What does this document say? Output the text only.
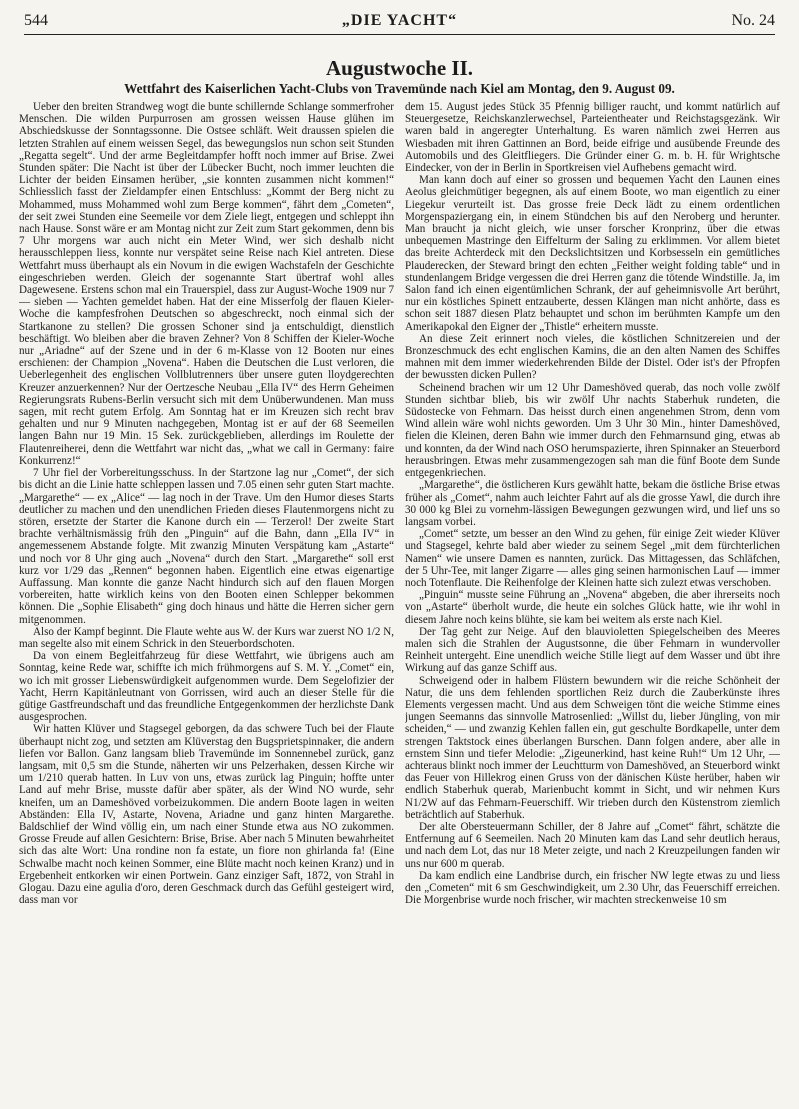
544	„DIE YACHT“	No. 24
Augustwoche II.
Wettfahrt des Kaiserlichen Yacht-Clubs von Travemünde nach Kiel am Montag, den 9. August 09.

Ueber den breiten Strandweg wogt die bunte schillernde Schlange sommerfroher Menschen. Die wilden Purpurrosen am grossen weissen Hause glühen im Abschiedskusse der Sonntagssonne. Die Ostsee schläft. Weit draussen spielen die letzten Strahlen auf einem weissen Segel, das bewegungslos nun schon seit Stunden „Regatta segelt“. Und der arme Begleitdampfer hofft noch immer auf Brise. Zwei Stunden später: Die Nacht ist über der Lübecker Bucht, noch immer leuchten die Lichter der beiden Einsamen herüber, „sie konnten zusammen nicht kommen!“ Schliesslich fasst der Zieldampfer einen Entschluss: „Kommt der Berg nicht zu Mohammed, muss Mohammed wohl zum Berge kommen“, fährt dem „Cometen“, der seit zwei Stunden eine Seemeile vor dem Ziele liegt, entgegen und schleppt ihn nach Hause. Sonst wäre er am Montag nicht zur Zeit zum Start gekommen, denn bis 7 Uhr morgens war auch nicht ein Meter Wind, wer sich deshalb nicht herausschleppen liess, konnte nur verspätet seine Reise nach Kiel antreten. Diese Wettfahrt muss überhaupt als ein Novum in die ewigen Wachstafeln der Geschichte eingeschrieben werden. Gleich der sogenannte Start übertraf wohl alles Dagewesene. Erstens schon mal ein Trauerspiel, dass zur August-Woche 1909 nur 7 — sieben — Yachten gemeldet haben. Hat der eine Misserfolg der flauen Kieler-Woche die kampfesfrohen Deutschen so abgeschreckt, noch einmal sich der Startkanone zu stellen? Die grossen Schoner sind ja entschuldigt, dienstlich beschäftigt. Wo bleiben aber die braven Zehner? Von 8 Schiffen der Kieler-Woche nur „Ariadne“ auf der Szene und in der 6 m-Klasse von 12 Booten nur eines erschienen: der Champion „Novena“. Haben die Deutschen die Lust verloren, die Ueberlegenheit des englischen Vollblutrenners über unsere guten lloydgerechten Kreuzer anzuerkennen? Nur der Oertzesche Neubau „Ella IV“ des Herrn Geheimen Regierungsrats Rubens-Berlin versucht sich mit dem Unüberwundenen. Man muss sagen, mit recht gutem Erfolg. Am Sonntag hat er im Kreuzen sich recht brav gehalten und nur 9 Minuten nachgegeben, Montag ist er auf der 68 Seemeilen langen Bahn nur 19 Min. 15 Sek. zurückgeblieben, allerdings im Roulette der Flautenreiherei, denn die Wettfahrt war nicht das, „what we call in Germany: faire Konkurrenz!“

7 Uhr fiel der Vorbereitungsschuss. In der Startzone lag nur „Comet“, der sich bis dicht an die Linie hatte schleppen lassen und 7.05 einen sehr guten Start machte. „Margarethe“ — ex „Alice“ — lag noch in der Trave. Um den Humor dieses Starts deutlicher zu machen und den unendlichen Frieden dieses Flautenmorgens nicht zu stören, ersetzte der Starter die Kanone durch ein — Terzerol! Der zweite Start brachte verhältnismässig früh den „Pinguin“ auf die Bahn, dann „Ella IV“ in angemessenem Abstande folgte. Mit zwanzig Minuten Verspätung kam „Astarte“ und noch vor 8 Uhr ging auch „Novena“ durch den Start. „Margarethe“ soll erst kurz vor 1/29 das „Rennen“ begonnen haben. Eigentlich eine etwas eigenartige Auffassung. Man konnte die ganze Nacht hindurch sich auf den flauen Morgen vorbereiten, hatte wirklich keins von den Booten einen Schlepper bekommen können. Die „Sophie Elisabeth“ ging doch hinaus und hätte die Herren sicher gern mitgenommen.

Also der Kampf beginnt. Die Flaute wehte aus W. der Kurs war zuerst NO 1/2 N, man segelte also mit einem Schrick in den Steuerbordschoten.

Da von einem Begleitfahrzeug für diese Wettfahrt, wie übrigens auch am Sonntag, keine Rede war, schiffte ich mich frühmorgens auf S. M. Y. „Comet“ ein, wo ich mit grosser Liebenswürdigkeit aufgenommen wurde. Dem Segelofizier der Yacht, Herrn Kapitänleutnant von Gorrissen, wird auch an dieser Stelle für die gütige Gastfreundschaft und das freundliche Entgegenkommen der herzlichste Dank ausgesprochen.

Wir hatten Klüver und Stagsegel geborgen, da das schwere Tuch bei der Flaute überhaupt nicht zog, und setzten am Klüverstag den Bugsprietspinnaker, die andern liefen vor Ballon. Ganz langsam blieb Travemünde im Sonnennebel zurück, ganz langsam, mit 0,5 sm die Stunde, näherten wir uns Pelzerhaken, dessen Kirche wir um 1/210 querab hatten. In Luv von uns, etwas zurück lag Pinguin; hoffte unter Land auf mehr Brise, musste dafür aber später, als der Wind NO wurde, sehr kneifen, um an Dameshöved vorbeizukommen. Die andern Boote lagen in weiten Abständen: Ella IV, Astarte, Novena, Ariadne und ganz hinten Margarethe. Baldschlief der Wind völlig ein, um nach einer Stunde etwa aus NO zukommen. Grosse Freude auf allen Gesichtern: Brise, Brise. Aber nach 5 Minuten bewahrheitet sich das alte Wort: Una rondine non fa estate, un fiore non ghirlanda fa! (Eine Schwalbe macht noch keinen Sommer, eine Blüte macht noch keinen Kranz) und in Ergebenheit entkorken wir einen Portwein. Ganz einziger Saft, 1872, von Strahl in Glogau. Dazu eine agulia d'oro, deren Geschmack durch das Gefühl gesteigert wird, dass man vor

dem 15. August jedes Stück 35 Pfennig billiger raucht, und kommt natürlich auf Steuergesetze, Reichskanzlerwechsel, Parteientheater und Reichstagsgezänk. Wir waren bald in angeregter Unterhaltung. Es waren nämlich zwei Herren aus Wiesbaden mit ihren Gattinnen an Bord, beide eifrige und ausübende Freunde des Automobils und des Gleitfliegers. Die Gründer einer G. m. b. H. für Wrightsche Eindecker, von der in Berlin in Sportkreisen viel Aufhebens gemacht wird.

Man kann doch auf einer so grossen und bequemen Yacht den Launen eines Aeolus gleichmütiger begegnen, als auf einem Boote, wo man eigentlich zu einer Liegekur verurteilt ist. Das grosse freie Deck lädt zu einem ordentlichen Morgenspaziergang ein, in einem Stündchen bis auf den Neroberg und herunter. Man braucht ja nicht gleich, wie unser forscher Kronprinz, über die etwas unbequemen Mastringe den Eiffelturm der Saling zu erklimmen. Vor allem bietet das breite Achterdeck mit den Deckslichtsitzen und Korbsesseln ein gemütliches Plauderecken, der Steward bringt den echten „Feither weight folding table“ und in stundenlangem Bridge vergessen die drei Herren ganz die tötende Windstille. Ja, im Salon fand ich einen eigentümlichen Schrank, der auf geheimnisvolle Art berührt, nur ein köstliches Spinett entzauberte, dessen Klängen man nicht anhörte, dass es schon seit 1887 diesen Platz behauptet und schon im berühmten Kampfe um den Amerikapokal den Eigner der „Thistle“ erheitern musste.

An diese Zeit erinnert noch vieles, die köstlichen Schnitzereien und der Bronzeschmuck des echt englischen Kamins, die an den alten Namen des Schiffes mahnen mit dem immer wiederkehrenden Bilde der Distel. Oder ist's der Pfropfen der bewussten dicken Pullen?

Scheinend brachen wir um 12 Uhr Dameshöved querab, das noch volle zwölf Stunden sichtbar blieb, bis wir zwölf Uhr nachts Staberhuk rundeten, die Südostecke von Fehmarn. Das heisst durch einen angenehmen Strom, denn vom Wind allein wäre wohl nichts geworden. Um 3 Uhr 30 Min., hinter Dameshöved, fielen die Kleinen, deren Bahn wie immer durch den Fehmarnsund ging, etwas ab und konnten, da der Wind nach OSO herumspazierte, ihren Spinnaker an Steuerbord herausbringen. Etwas mehr zusammengezogen sah man die fünf Boote dem Sunde entgegenkriechen.

„Margarethe“, die östlicheren Kurs gewählt hatte, bekam die östliche Brise etwas früher als „Comet“, nahm auch leichter Fahrt auf als die grosse Yawl, die durch ihre 30 000 kg Blei zu vornehm-lässigen Bewegungen gezwungen wird, und lief uns so langsam vorbei.

„Comet“ setzte, um besser an den Wind zu gehen, für einige Zeit wieder Klüver und Stagsegel, kehrte bald aber wieder zu seinem Segel „mit dem fürchterlichen Namen“ wie unsere Damen es nannten, zurück. Das Mittagessen, das Schläfchen, der 5 Uhr-Tee, mit langer Zigarre — alles ging seinen harmonischen Lauf — immer noch Totenflaute. Die Reihenfolge der Kleinen hatte sich zulezt etwas verschoben.

„Pinguin“ musste seine Führung an „Novena“ abgeben, die aber ihrerseits noch von „Astarte“ überholt wurde, die heute ein solches Glück hatte, wie ihr wohl in diesem Jahre noch keins blühte, sie kam bei weitem als erste nach Kiel.

Der Tag geht zur Neige. Auf den blauvioletten Spiegelscheiben des Meeres malen sich die Strahlen der Augustsonne, die über Fehmarn in wundervoller Reinheit untergeht. Eine unendlich weiche Stille liegt auf dem Wasser und übt ihre Wirkung auf das ganze Schiff aus.

Schweigend oder in halbem Flüstern bewundern wir die reiche Schönheit der Natur, die uns dem fehlenden sportlichen Reiz durch die Zauberkünste ihres Elements vergessen macht. Und aus dem Schweigen tönt die weiche Stimme eines jungen Seemanns das sinnvolle Matrosenlied: „Willst du, lieber Jüngling, von mir scheiden,“ — und zwanzig Kehlen fallen ein, gut geschulte Bordkapelle, unter dem strengen Taktstock eines überlangen Burschen. Dann folgen andere, aber alle in ernstem Sinn und tiefer Melodie: „Zigeunerkind, hast keine Ruh!“ Um 12 Uhr, — achteraus blinkt noch immer der Leuchtturm von Dameshöved, an Steuerbord winkt das Feuer von Hillekrog einen Gruss von der dänischen Küste herüber, haben wir endlich Staberhuk querab, Marienbucht kommt in Sicht, und wir nehmen Kurs N1/2W auf das Fehmarn-Feuerschiff. Wir trieben durch den Küstenstrom ziemlich beträchtlich auf Staberhuk.

Der alte Obersteuermann Schiller, der 8 Jahre auf „Comet“ fährt, schätzte die Entfernung auf 6 Seemeilen. Nach 20 Minuten kam das Land sehr deutlich heraus, und nach dem Lot, das nur 18 Meter zeigte, und nach 2 Kreuzpeilungen fanden wir uns nur 600 m querab.

Da kam endlich eine Landbrise durch, ein frischer NW legte etwas zu und liess den „Cometen“ mit 6 sm Geschwindigkeit, um 2.30 Uhr, das Feuerschiff erreichen. Die Morgenbrise wurde noch frischer, wir machten streckenweise 10 sm
